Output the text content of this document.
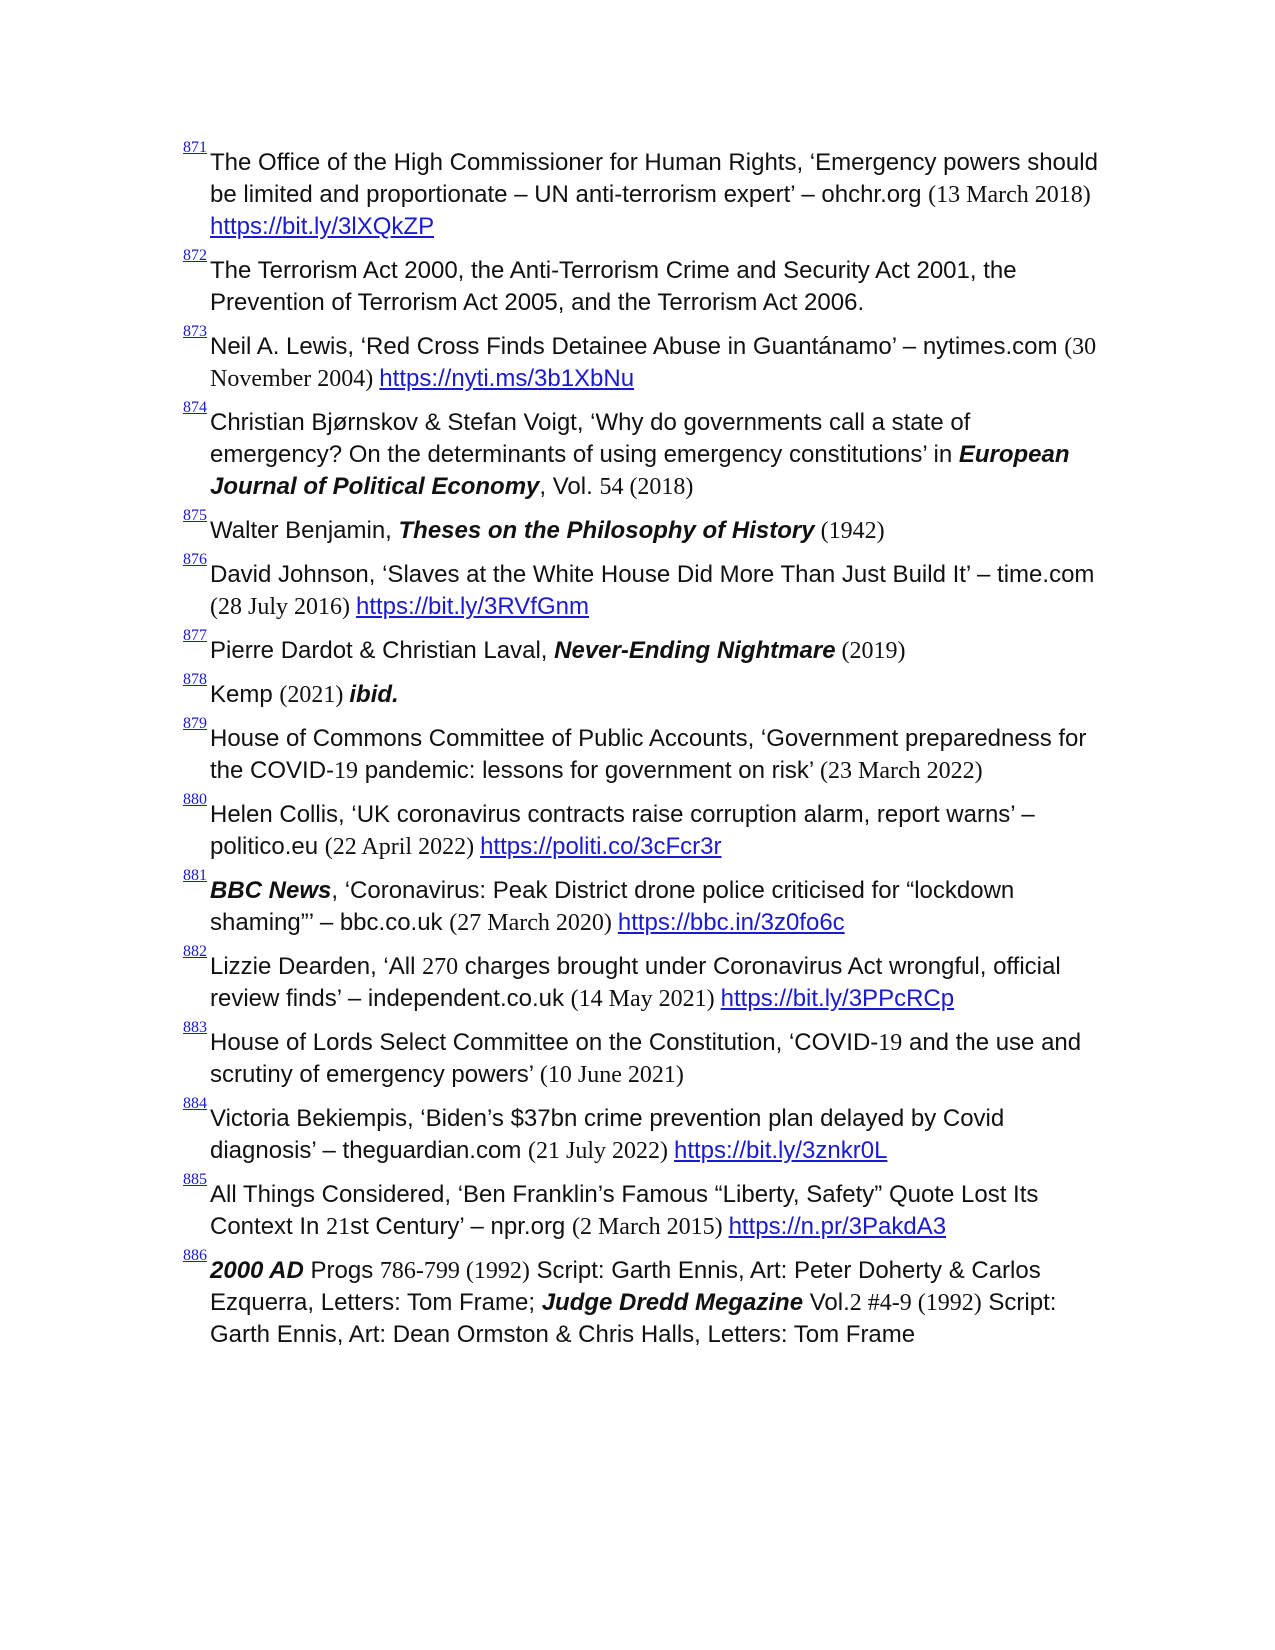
871
The Office of the High Commissioner for Human Rights, ‘Emergency powers should be limited and proportionate – UN anti-terrorism expert’ – ohchr.org (13 March 2018) https://bit.ly/3lXQkZP
872
The Terrorism Act 2000, the Anti-Terrorism Crime and Security Act 2001, the Prevention of Terrorism Act 2005, and the Terrorism Act 2006.
873
Neil A. Lewis, ‘Red Cross Finds Detainee Abuse in Guantánamo’ – nytimes.com (30 November 2004) https://nyti.ms/3b1XbNu
874
Christian Bjørnskov & Stefan Voigt, ‘Why do governments call a state of emergency? On the determinants of using emergency constitutions’ in European Journal of Political Economy, Vol. 54 (2018)
875
Walter Benjamin, Theses on the Philosophy of History (1942)
876
David Johnson, ‘Slaves at the White House Did More Than Just Build It’ – time.com (28 July 2016) https://bit.ly/3RVfGnm
877
Pierre Dardot & Christian Laval, Never-Ending Nightmare (2019)
878
Kemp (2021) ibid.
879
House of Commons Committee of Public Accounts, ‘Government preparedness for the COVID-19 pandemic: lessons for government on risk’ (23 March 2022)
880
Helen Collis, ‘UK coronavirus contracts raise corruption alarm, report warns’ – politico.eu (22 April 2022) https://politi.co/3cFcr3r
881
BBC News, ‘Coronavirus: Peak District drone police criticised for “lockdown shaming”’ – bbc.co.uk (27 March 2020) https://bbc.in/3z0fo6c
882
Lizzie Dearden, ‘All 270 charges brought under Coronavirus Act wrongful, official review finds’ – independent.co.uk (14 May 2021) https://bit.ly/3PPcRCp
883
House of Lords Select Committee on the Constitution, ‘COVID-19 and the use and scrutiny of emergency powers’ (10 June 2021)
884
Victoria Bekiempis, ‘Biden’s $37bn crime prevention plan delayed by Covid diagnosis’ – theguardian.com (21 July 2022) https://bit.ly/3znkr0L
885
All Things Considered, ‘Ben Franklin’s Famous “Liberty, Safety” Quote Lost Its Context In 21st Century’ – npr.org (2 March 2015) https://n.pr/3PakdA3
886
2000 AD Progs 786-799 (1992) Script: Garth Ennis, Art: Peter Doherty & Carlos Ezquerra, Letters: Tom Frame; Judge Dredd Megazine Vol.2 #4-9 (1992) Script: Garth Ennis, Art: Dean Ormston & Chris Halls, Letters: Tom Frame
